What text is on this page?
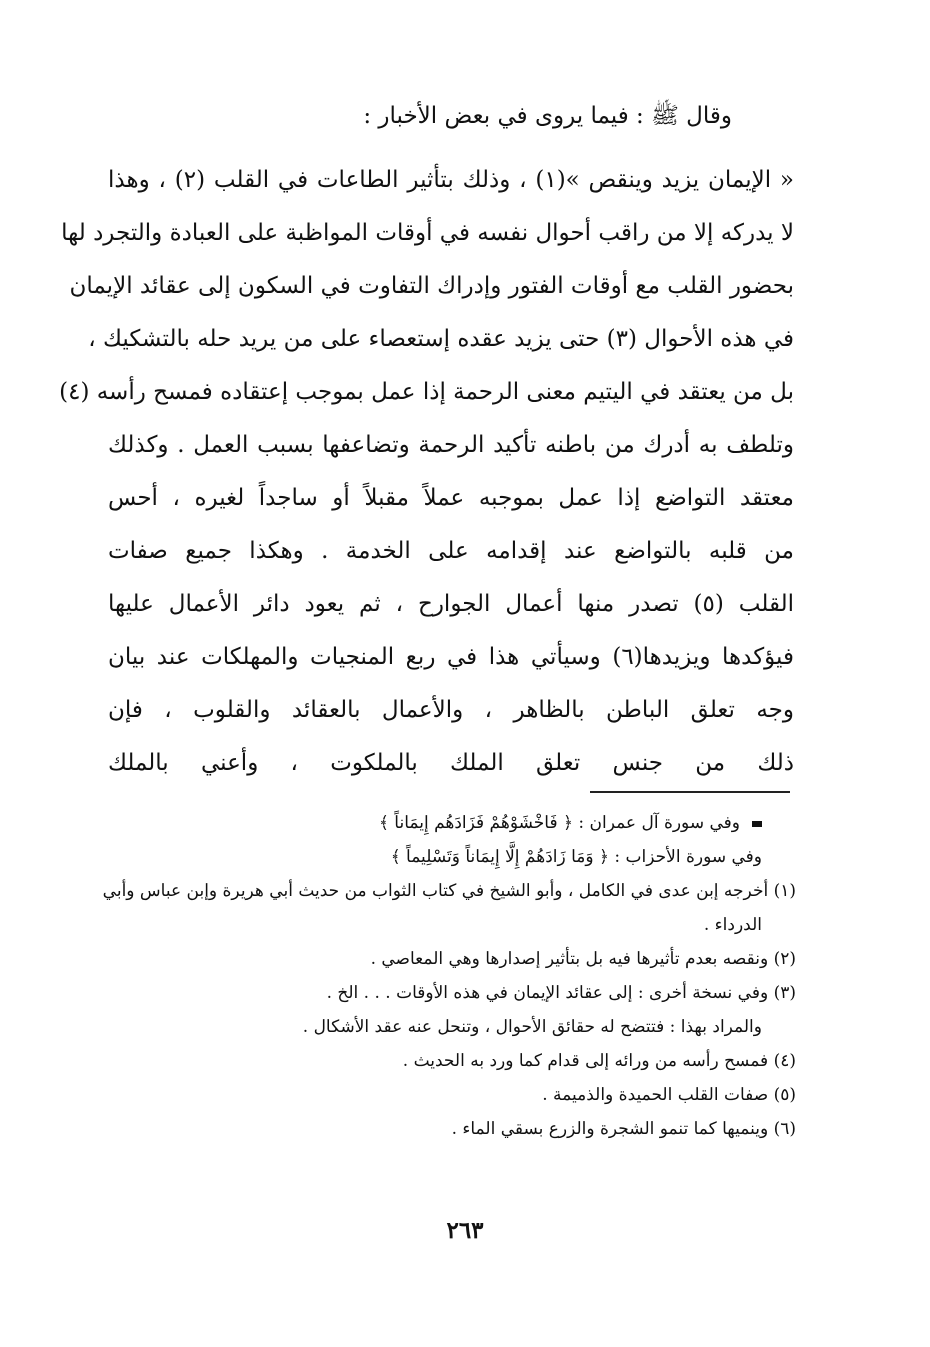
وقال ﷺ : فيما يروى في بعض الأخبار :
« الإيمان يزيد وينقص »(١) ، وذلك بتأثير الطاعات في القلب (٢) ، وهذا
لا يدركه إلا من راقب أحوال نفسه في أوقات المواظبة على العبادة والتجرد لها
بحضور القلب مع أوقات الفتور وإدراك التفاوت في السكون إلى عقائد الإيمان
في هذه الأحوال (٣) حتى يزيد عقده إستعصاء على من يريد حله بالتشكيك ،
بل من يعتقد في اليتيم معنى الرحمة إذا عمل بموجب إعتقاده فمسح رأسه (٤)
وتلطف به أدرك من باطنه تأكيد الرحمة وتضاعفها بسبب العمل . وكذلك
معتقد التواضع إذا عمل بموجبه عملاً مقبلاً أو ساجداً لغيره ، أحس
من قلبه بالتواضع عند إقدامه على الخدمة . وهكذا جميع صفات
القلب (٥) تصدر منها أعمال الجوارح ، ثم يعود دائر الأعمال عليها
فيؤكدها ويزيدها(٦) وسيأتي هذا في ربع المنجيات والمهلكات عند بيان
وجه تعلق الباطن بالظاهر ، والأعمال بالعقائد والقلوب ، فإن
ذلك من جنس تعلق الملك بالملكوت ، وأعني بالملك
وفي سورة آل عمران : ﴿ فَاخْشَوْهُمْ فَزَادَهُم إِيمَاناً ﴾
وفي سورة الأحزاب : ﴿ وَمَا زَادَهُمْ إِلَّا إِيمَاناً وَتَسْلِيماً ﴾
(١) أخرجه إبن عدى في الكامل ، وأبو الشيخ في كتاب الثواب من حديث أبي هريرة وإبن عباس وأبي
الدرداء .
(٢) ونقصه بعدم تأثيرها فيه بل بتأثير إصدارها وهي المعاصي .
(٣) وفي نسخة أخرى : إلى عقائد الإيمان في هذه الأوقات . . . الخ .
والمراد بهذا : فتتضح له حقائق الأحوال ، وتنحل عنه عقد الأشكال .
(٤) فمسح رأسه من ورائه إلى قدام كما ورد به الحديث .
(٥) صفات القلب الحميدة والذميمة .
(٦) وينميها كما تنمو الشجرة والزرع بسقي الماء .
٢٦٣
